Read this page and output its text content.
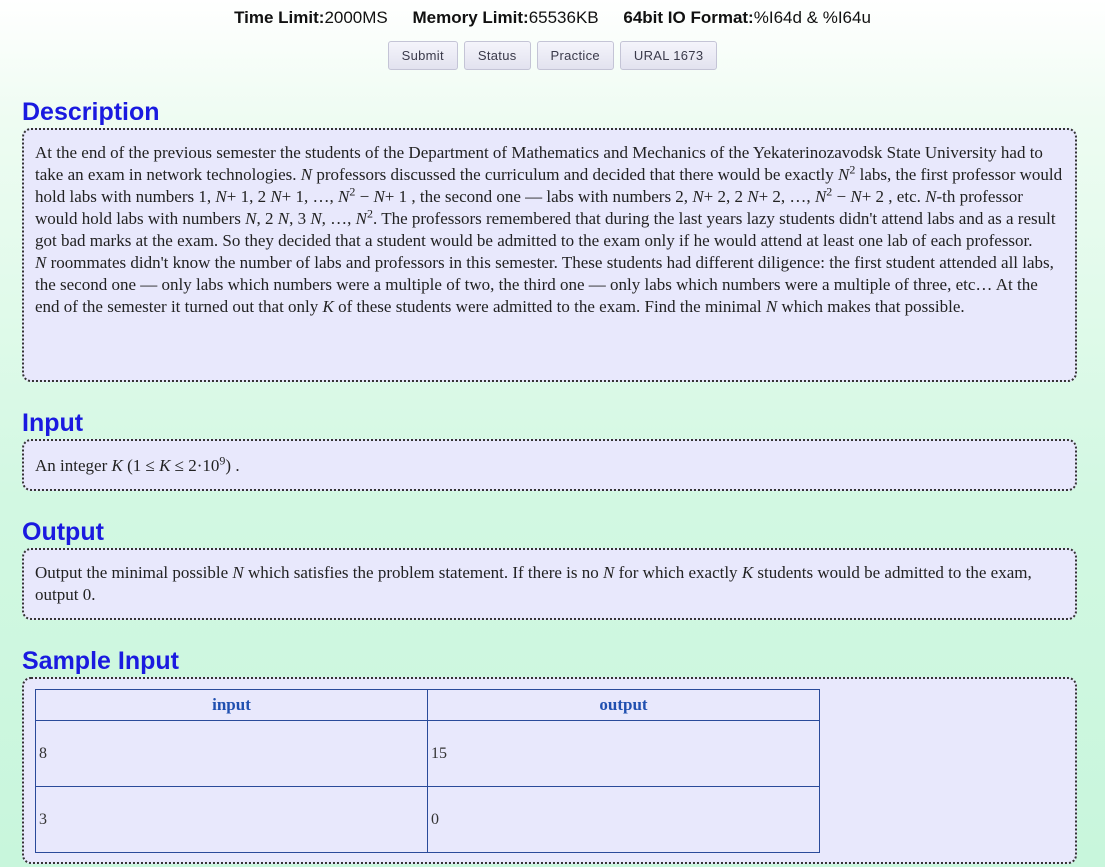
Time Limit:2000MS Memory Limit:65536KB 64bit IO Format:%I64d & %I64u
Submit	Status	Practice	URAL 1673
Description

At the end of the previous semester the students of the Department of Mathematics and Mechanics of the Yekaterinozavodsk State University had to take an exam in network technologies. N professors discussed the curriculum and decided that there would be exactly $N^2$ labs, the first professor would hold labs with numbers 1, N+ 1, 2 N+ 1, …, $N^2 - N+ 1$ , the second one — labs with numbers 2, N+ 2, 2 N+ 2, …, $N^2 - N+ 2$ , etc. N-th professor would hold labs with numbers N, 2 N, 3 N, …, $N^2$. The professors remembered that during the last years lazy students didn't attend labs and as a result got bad marks at the exam. So they decided that a student would be admitted to the exam only if he would attend at least one lab of each professor.

N roommates didn't know the number of labs and professors in this semester. These students had different diligence: the first student attended all labs, the second one — only labs which numbers were a multiple of two, the third one — only labs which numbers were a multiple of three, etc… At the end of the semester it turned out that only K of these students were admitted to the exam. Find the minimal N which makes that possible.

Input

An integer K $(1 \le K \le 2\cdot 10^9)$ .

Output

Output the minimal possible N which satisfies the problem statement. If there is no N for which exactly K students would be admitted to the exam, output 0.

Sample Input
input	output
8	15
3	0
